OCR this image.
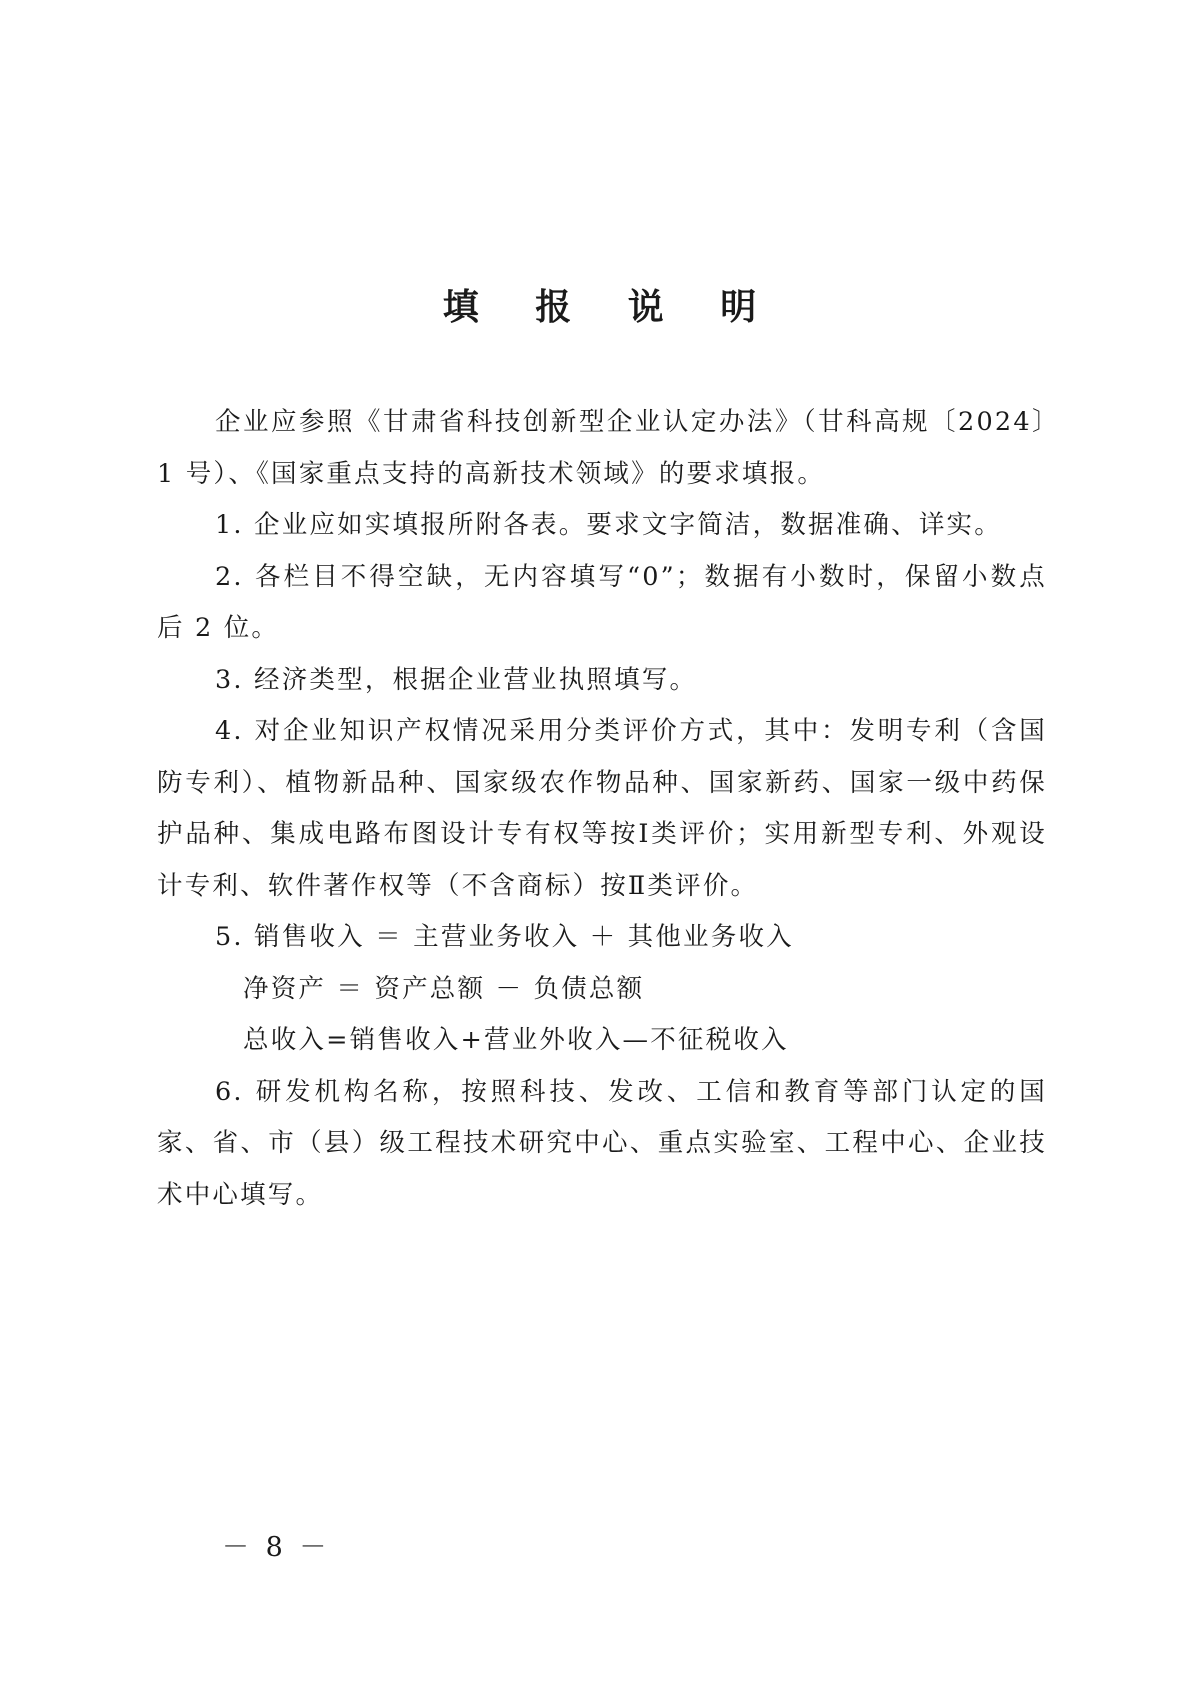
填 报 说 明

企业应参照《甘肃省科技创新型企业认定办法》（甘科高规〔2024〕1 号）、《国家重点支持的高新技术领域》的要求填报。

1. 企业应如实填报所附各表。要求文字简洁，数据准确、详实。

2. 各栏目不得空缺，无内容填写“0”；数据有小数时，保留小数点后 2 位。

3. 经济类型，根据企业营业执照填写。

4. 对企业知识产权情况采用分类评价方式，其中：发明专利（含国防专利）、植物新品种、国家级农作物品种、国家新药、国家一级中药保护品种、集成电路布图设计专有权等按Ⅰ类评价；实用新型专利、外观设计专利、软件著作权等（不含商标）按Ⅱ类评价。

5. 销售收入 ＝ 主营业务收入 ＋ 其他业务收入

净资产 ＝ 资产总额 － 负债总额

总收入=销售收入+营业外收入—不征税收入

6. 研发机构名称，按照科技、发改、工信和教育等部门认定的国家、省、市（县）级工程技术研究中心、重点实验室、工程中心、企业技术中心填写。

－ 8 －
